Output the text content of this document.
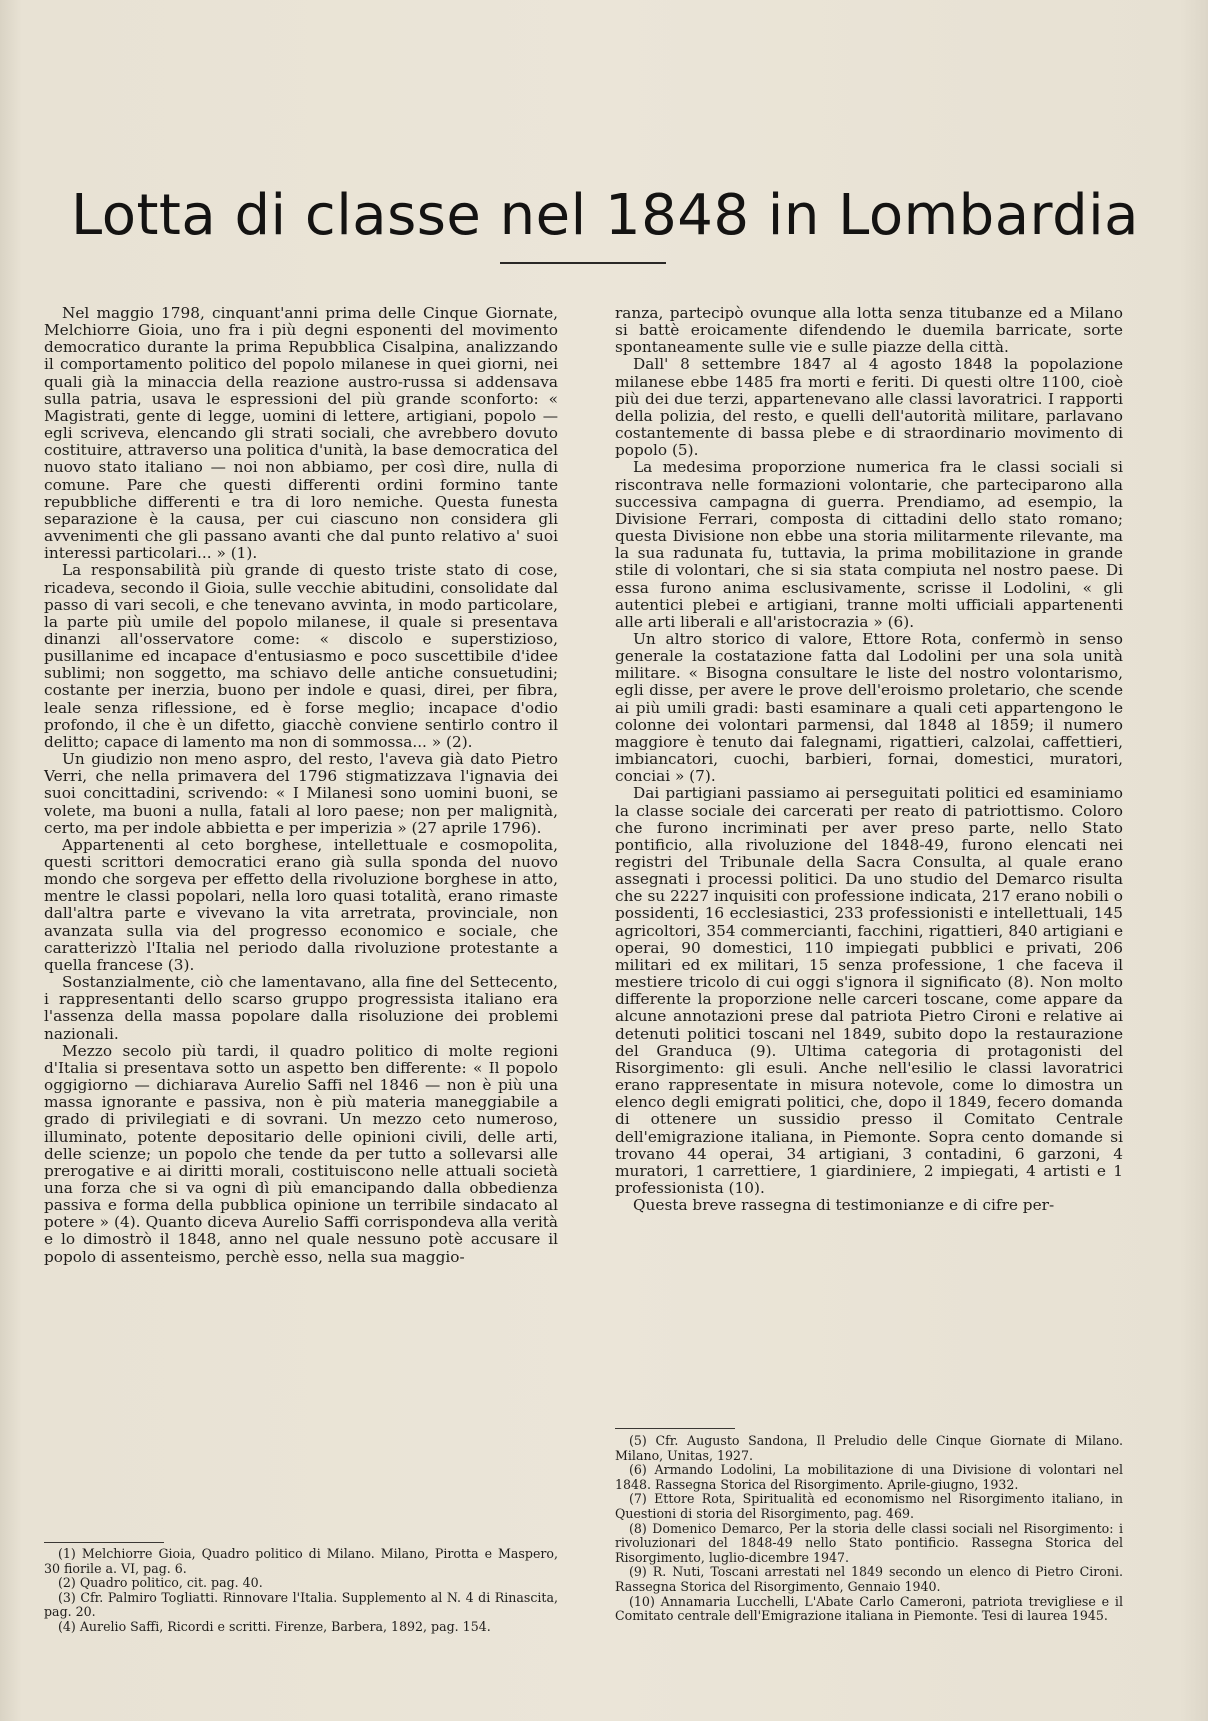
Lotta di classe nel 1848 in Lombardia

Nel maggio 1798, cinquant'anni prima delle Cinque Giornate, Melchiorre Gioia, uno fra i più degni esponenti del movimento democratico durante la prima Repubblica Cisalpina, analizzando il comportamento politico del popolo milanese in quei giorni, nei quali già la minaccia della reazione austro-russa si addensava sulla patria, usava le espressioni del più grande sconforto: « Magistrati, gente di legge, uomini di lettere, artigiani, popolo — egli scriveva, elencando gli strati sociali, che avrebbero dovuto costituire, attraverso una politica d'unità, la base democratica del nuovo stato italiano — noi non abbiamo, per così dire, nulla di comune. Pare che questi differenti ordini formino tante repubbliche differenti e tra di loro nemiche. Questa funesta separazione è la causa, per cui ciascuno non considera gli avvenimenti che gli passano avanti che dal punto relativo a' suoi interessi particolari... » (1).

La responsabilità più grande di questo triste stato di cose, ricadeva, secondo il Gioia, sulle vecchie abitudini, consolidate dal passo di vari secoli, e che tenevano avvinta, in modo particolare, la parte più umile del popolo milanese, il quale si presentava dinanzi all'osservatore come: « discolo e superstizioso, pusillanime ed incapace d'entusiasmo e poco suscettibile d'idee sublimi; non soggetto, ma schiavo delle antiche consuetudini; costante per inerzia, buono per indole e quasi, direi, per fibra, leale senza riflessione, ed è forse meglio; incapace d'odio profondo, il che è un difetto, giacchè conviene sentirlo contro il delitto; capace di lamento ma non di sommossa... » (2).

Un giudizio non meno aspro, del resto, l'aveva già dato Pietro Verri, che nella primavera del 1796 stigmatizzava l'ignavia dei suoi concittadini, scrivendo: « I Milanesi sono uomini buoni, se volete, ma buoni a nulla, fatali al loro paese; non per malignità, certo, ma per indole abbietta e per imperizia » (27 aprile 1796).

Appartenenti al ceto borghese, intellettuale e cosmopolita, questi scrittori democratici erano già sulla sponda del nuovo mondo che sorgeva per effetto della rivoluzione borghese in atto, mentre le classi popolari, nella loro quasi totalità, erano rimaste dall'altra parte e vivevano la vita arretrata, provinciale, non avanzata sulla via del progresso economico e sociale, che caratterizzò l'Italia nel periodo dalla rivoluzione protestante a quella francese (3).

Sostanzialmente, ciò che lamentavano, alla fine del Settecento, i rappresentanti dello scarso gruppo progressista italiano era l'assenza della massa popolare dalla risoluzione dei problemi nazionali.

Mezzo secolo più tardi, il quadro politico di molte regioni d'Italia si presentava sotto un aspetto ben differente: « Il popolo oggigiorno — dichiarava Aurelio Saffi nel 1846 — non è più una massa ignorante e passiva, non è più materia maneggiabile a grado di privilegiati e di sovrani. Un mezzo ceto numeroso, illuminato, potente depositario delle opinioni civili, delle arti, delle scienze; un popolo che tende da per tutto a sollevarsi alle prerogative e ai diritti morali, costituiscono nelle attuali società una forza che si va ogni dì più emancipando dalla obbedienza passiva e forma della pubblica opinione un terribile sindacato al potere » (4). Quanto diceva Aurelio Saffi corrispondeva alla verità e lo dimostrò il 1848, anno nel quale nessuno potè accusare il popolo di assenteismo, perchè esso, nella sua maggio-

ranza, partecipò ovunque alla lotta senza titubanze ed a Milano si battè eroicamente difendendo le duemila barricate, sorte spontaneamente sulle vie e sulle piazze della città.

Dall' 8 settembre 1847 al 4 agosto 1848 la popolazione milanese ebbe 1485 fra morti e feriti. Di questi oltre 1100, cioè più dei due terzi, appartenevano alle classi lavoratrici. I rapporti della polizia, del resto, e quelli dell'autorità militare, parlavano costantemente di bassa plebe e di straordinario movimento di popolo (5).

La medesima proporzione numerica fra le classi sociali si riscontrava nelle formazioni volontarie, che parteciparono alla successiva campagna di guerra. Prendiamo, ad esempio, la Divisione Ferrari, composta di cittadini dello stato romano; questa Divisione non ebbe una storia militarmente rilevante, ma la sua radunata fu, tuttavia, la prima mobilitazione in grande stile di volontari, che si sia stata compiuta nel nostro paese. Di essa furono anima esclusivamente, scrisse il Lodolini, « gli autentici plebei e artigiani, tranne molti ufficiali appartenenti alle arti liberali e all'aristocrazia » (6).

Un altro storico di valore, Ettore Rota, confermò in senso generale la costatazione fatta dal Lodolini per una sola unità militare. « Bisogna consultare le liste del nostro volontarismo, egli disse, per avere le prove dell'eroismo proletario, che scende ai più umili gradi: basti esaminare a quali ceti appartengono le colonne dei volontari parmensi, dal 1848 al 1859; il numero maggiore è tenuto dai falegnami, rigattieri, calzolai, caffettieri, imbiancatori, cuochi, barbieri, fornai, domestici, muratori, conciai » (7).

Dai partigiani passiamo ai perseguitati politici ed esaminiamo la classe sociale dei carcerati per reato di patriottismo. Coloro che furono incriminati per aver preso parte, nello Stato pontificio, alla rivoluzione del 1848-49, furono elencati nei registri del Tribunale della Sacra Consulta, al quale erano assegnati i processi politici. Da uno studio del Demarco risulta che su 2227 inquisiti con professione indicata, 217 erano nobili o possidenti, 16 ecclesiastici, 233 professionisti e intellettuali, 145 agricoltori, 354 commercianti, facchini, rigattieri, 840 artigiani e operai, 90 domestici, 110 impiegati pubblici e privati, 206 militari ed ex militari, 15 senza professione, 1 che faceva il mestiere tricolo di cui oggi s'ignora il significato (8). Non molto differente la proporzione nelle carceri toscane, come appare da alcune annotazioni prese dal patriota Pietro Cironi e relative ai detenuti politici toscani nel 1849, subito dopo la restaurazione del Granduca (9). Ultima categoria di protagonisti del Risorgimento: gli esuli. Anche nell'esilio le classi lavoratrici erano rappresentate in misura notevole, come lo dimostra un elenco degli emigrati politici, che, dopo il 1849, fecero domanda di ottenere un sussidio presso il Comitato Centrale dell'emigrazione italiana, in Piemonte. Sopra cento domande si trovano 44 operai, 34 artigiani, 3 contadini, 6 garzoni, 4 muratori, 1 carrettiere, 1 giardiniere, 2 impiegati, 4 artisti e 1 professionista (10).

Questa breve rassegna di testimonianze e di cifre per-

(1) Melchiorre Gioia, Quadro politico di Milano. Milano, Pirotta e Maspero, 30 fiorile a. VI, pag. 6.

(2) Quadro politico, cit. pag. 40.

(3) Cfr. Palmiro Togliatti. Rinnovare l'Italia. Supplemento al N. 4 di Rinascita, pag. 20.

(4) Aurelio Saffi, Ricordi e scritti. Firenze, Barbera, 1892, pag. 154.

(5) Cfr. Augusto Sandona, Il Preludio delle Cinque Giornate di Milano. Milano, Unitas, 1927.

(6) Armando Lodolini, La mobilitazione di una Divisione di volontari nel 1848. Rassegna Storica del Risorgimento. Aprile-giugno, 1932.

(7) Ettore Rota, Spiritualità ed economismo nel Risorgimento italiano, in Questioni di storia del Risorgimento, pag. 469.

(8) Domenico Demarco, Per la storia delle classi sociali nel Risorgimento: i rivoluzionari del 1848-49 nello Stato pontificio. Rassegna Storica del Risorgimento, luglio-dicembre 1947.

(9) R. Nuti, Toscani arrestati nel 1849 secondo un elenco di Pietro Cironi. Rassegna Storica del Risorgimento, Gennaio 1940.

(10) Annamaria Lucchelli, L'Abate Carlo Cameroni, patriota trevigliese e il Comitato centrale dell'Emigrazione italiana in Piemonte. Tesi di laurea 1945.
